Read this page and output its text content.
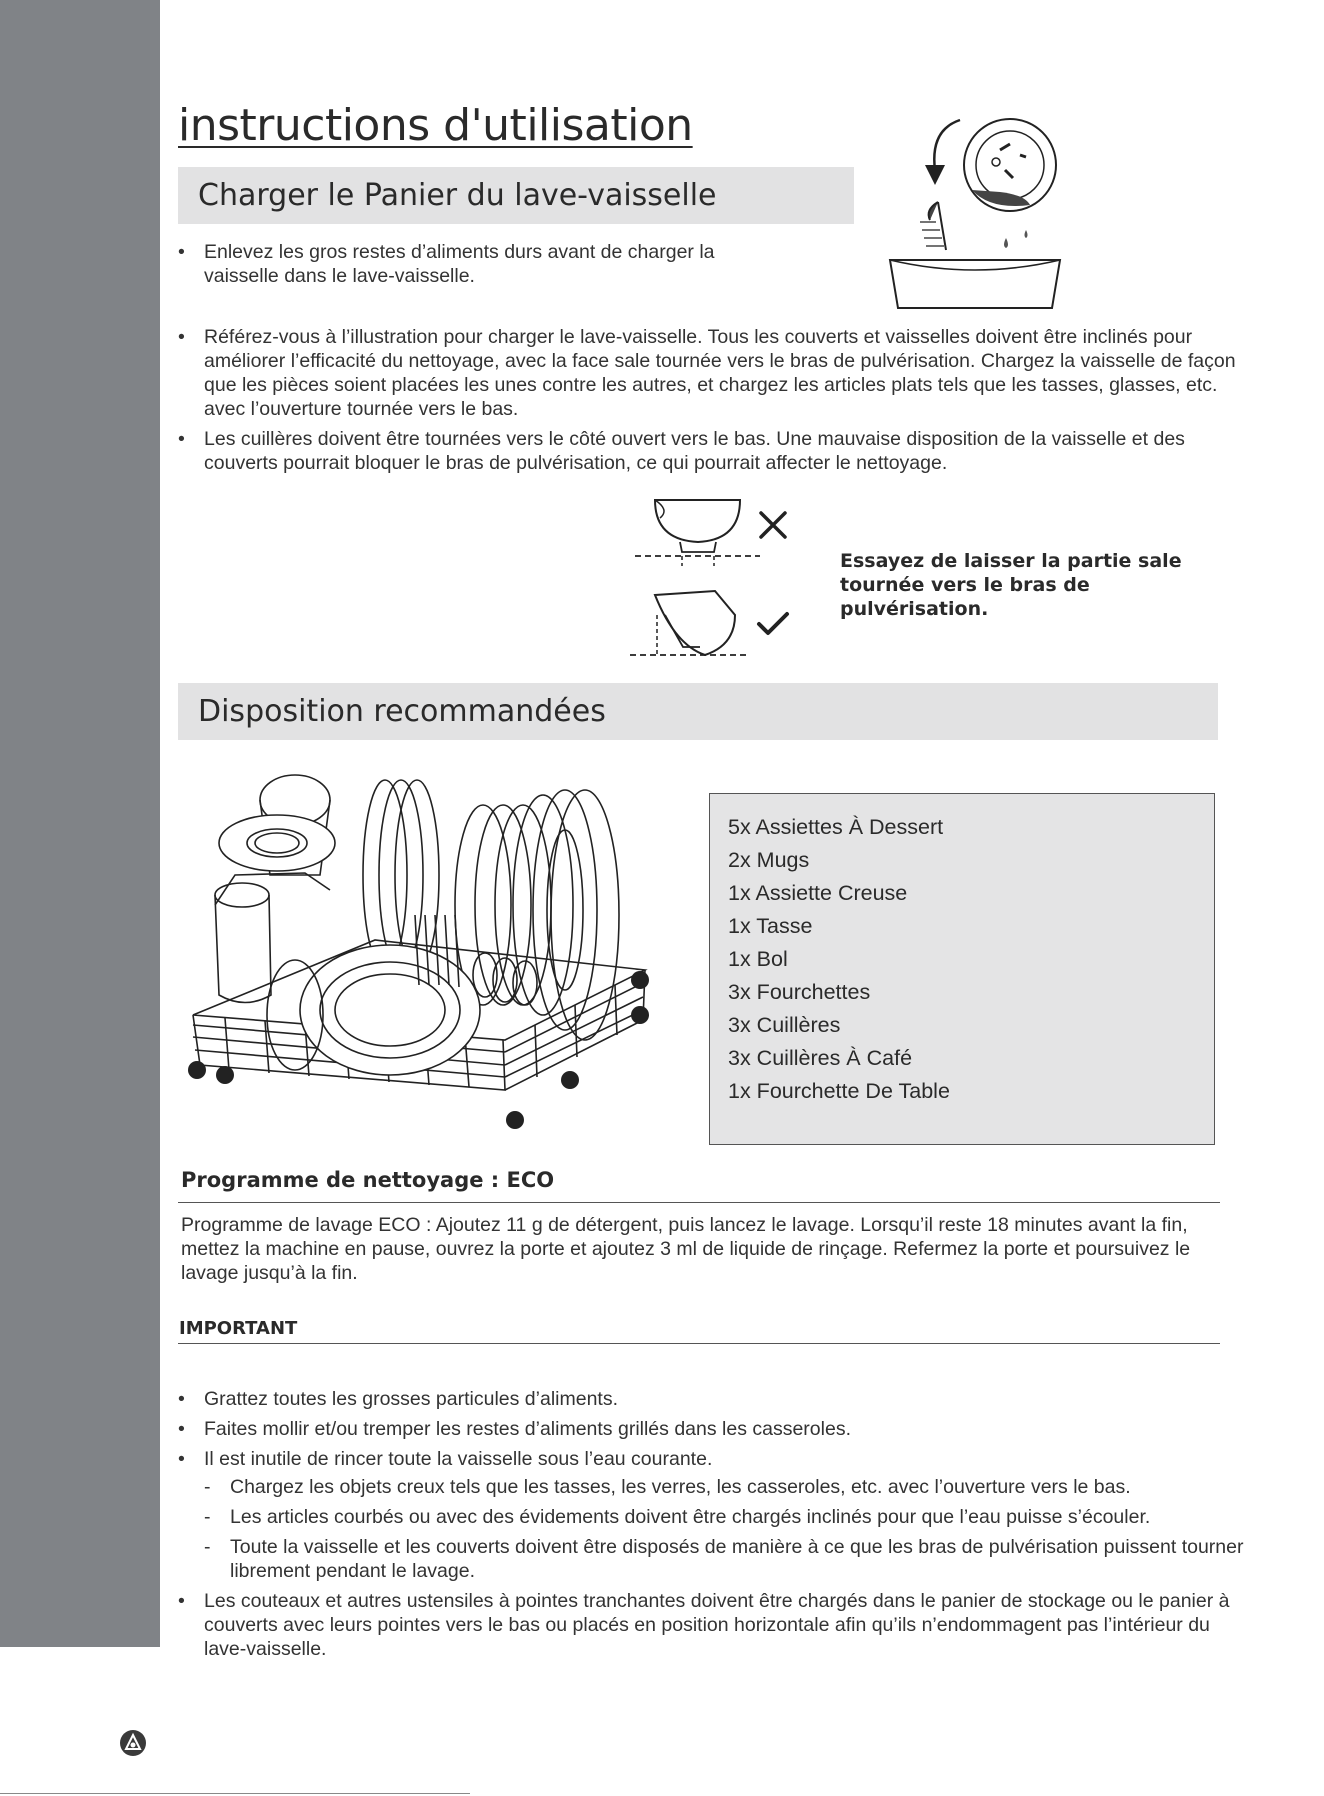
instructions d'utilisation
Charger le Panier du lave-vaisselle
• Enlevez les gros restes d’aliments durs avant de charger la vaisselle dans le lave-vaisselle.
• Référez-vous à l’illustration pour charger le lave-vaisselle. Tous les couverts et vaisselles doivent être inclinés pour améliorer l’efficacité du nettoyage, avec la face sale tournée vers le bras de pulvérisation. Chargez la vaisselle de façon que les pièces soient placées les unes contre les autres, et chargez les articles plats tels que les tasses, glasses, etc. avec l’ouverture tournée vers le bas.
• Les cuillères doivent être tournées vers le côté ouvert vers le bas. Une mauvaise disposition de la vaisselle et des couverts pourrait bloquer le bras de pulvérisation, ce qui pourrait affecter le nettoyage.
Essayez de laisser la partie sale tournée vers le bras de pulvérisation.
Disposition recommandées
5x Assiettes À Dessert
2x Mugs
1x Assiette Creuse
1x Tasse
1x Bol
3x Fourchettes
3x Cuillères
3x Cuillères À Café
1x Fourchette De Table
Programme de nettoyage : ECO
Programme de lavage ECO : Ajoutez 11 g de détergent, puis lancez le lavage. Lorsqu’il reste 18 minutes avant la fin, mettez la machine en pause, ouvrez la porte et ajoutez 3 ml de liquide de rinçage. Refermez la porte et poursuivez le lavage jusqu’à la fin.
IMPORTANT
• Grattez toutes les grosses particules d’aliments.
• Faites mollir et/ou tremper les restes d’aliments grillés dans les casseroles.
• Il est inutile de rincer toute la vaisselle sous l’eau courante.
- Chargez les objets creux tels que les tasses, les verres, les casseroles, etc. avec l’ouverture vers le bas.
- Les articles courbés ou avec des évidements doivent être chargés inclinés pour que l’eau puisse s’écouler.
- Toute la vaisselle et les couverts doivent être disposés de manière à ce que les bras de pulvérisation puissent tourner librement pendant le lavage.
• Les couteaux et autres ustensiles à pointes tranchantes doivent être chargés dans le panier de stockage ou le panier à couverts avec leurs pointes vers le bas ou placés en position horizontale afin qu’ils n’endommagent pas l’intérieur du lave-vaisselle.
